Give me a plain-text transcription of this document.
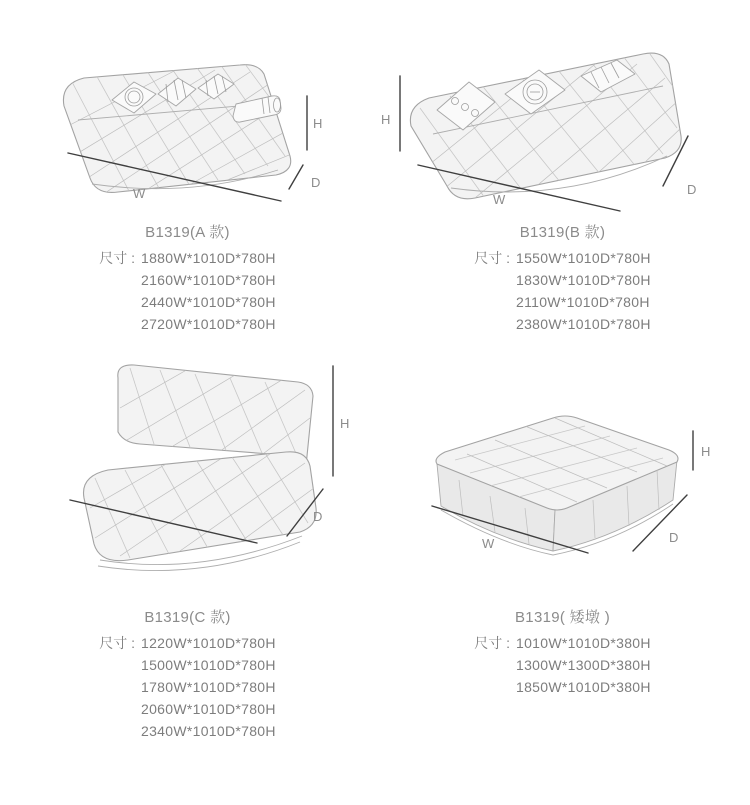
H
D
W
B1319(A 款)
尺寸 : 1880W*1010D*780H
2160W*1010D*780H
2440W*1010D*780H
2720W*1010D*780H
H
W
D
B1319(B 款)
尺寸 : 1550W*1010D*780H
1830W*1010D*780H
2110W*1010D*780H
2380W*1010D*780H
H
D
B1319(C 款)
尺寸 : 1220W*1010D*780H
1500W*1010D*780H
1780W*1010D*780H
2060W*1010D*780H
2340W*1010D*780H
H
D
W
B1319( 矮墩 )
尺寸 : 1010W*1010D*380H
1300W*1300D*380H
1850W*1010D*380H
